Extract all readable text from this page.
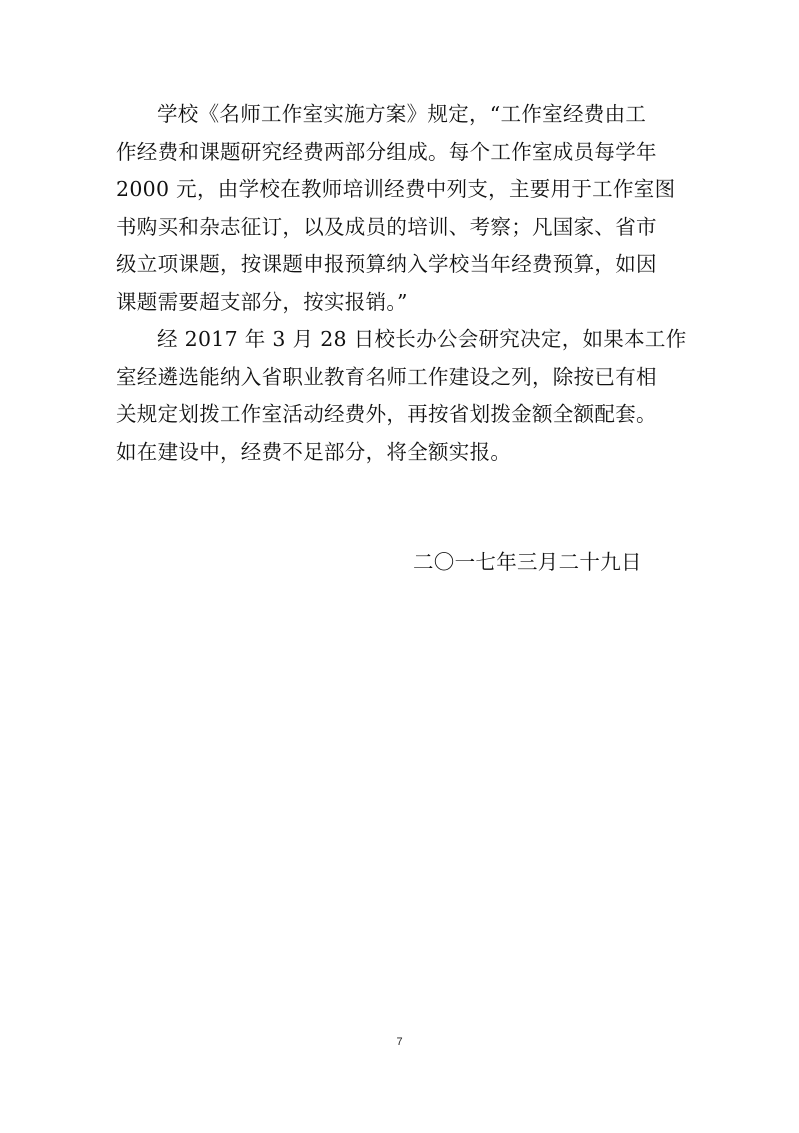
学校《名师工作室实施方案》规定，“工作室经费由工
作经费和课题研究经费两部分组成。每个工作室成员每学年
2000 元，由学校在教师培训经费中列支，主要用于工作室图
书购买和杂志征订，以及成员的培训、考察；凡国家、省市
级立项课题，按课题申报预算纳入学校当年经费预算，如因
课题需要超支部分，按实报销。”
经 2017 年 3 月 28 日校长办公会研究决定，如果本工作
室经遴选能纳入省职业教育名师工作建设之列，除按已有相
关规定划拨工作室活动经费外，再按省划拨金额全额配套。
如在建设中，经费不足部分，将全额实报。
二〇一七年三月二十九日
7
